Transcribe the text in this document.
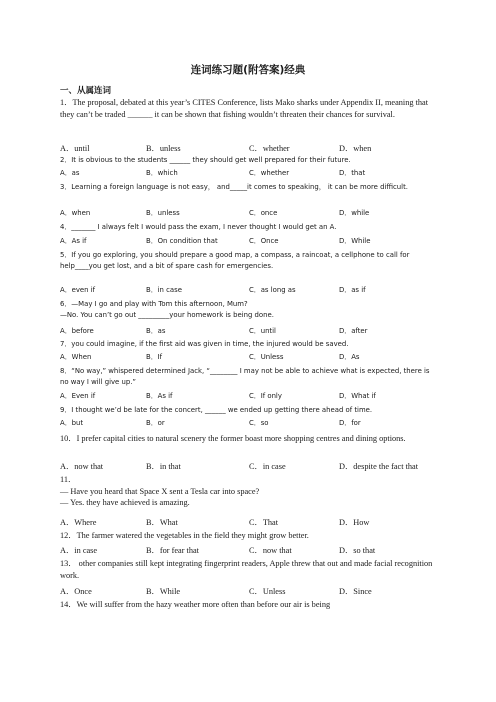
连词练习题(附答案)经典
一、从属连词
1．The proposal, debated at this year’s CITES Conference, lists Mako sharks under Appendix II, meaning that they can’t be traded ______ it can be shown that fishing wouldn’t threaten their chances for survival.
A．until	B．unless	C．whether	D．when
2．It is obvious to the students ______ they should get well prepared for their future.
A．as	B．which	C．whether	D．that
3．Learning a foreign language is not easy， and_____it comes to speaking， it can be more difficult.
A．when	B．unless	C．once	D．while
4．_______ I always felt I would pass the exam, I never thought I would get an A.
A．As if	B．On condition that	C．Once	D．While
5．If you go exploring, you should prepare a good map, a compass, a raincoat, a cellphone to call for help____you get lost, and a bit of spare cash for emergencies.
A．even if	B．in case	C．as long as	D．as if
6．—May I go and play with Tom this afternoon, Mum?
—No. You can’t go out _________your homework is being done.
A．before	B．as	C．until	D．after
7．you could imagine, if the first aid was given in time, the injured would be saved.
A．When	B．If	C．Unless	D．As
8．“No way,” whispered determined Jack, “________ I may not be able to achieve what is expected, there is no way I will give up.”
A．Even if	B．As if	C．If only	D．What if
9．I thought we’d be late for the concert, ______ we ended up getting there ahead of time.
A．but	B．or	C．so	D．for
10．I prefer capital cities to natural scenery the former boast more shopping centres and dining options.
A．now that	B．in that	C．in case	D．despite the fact that
11．
— Have you heard that Space X sent a Tesla car into space?
— Yes. they have achieved is amazing.
A．Where	B．What	C．That	D．How
12．The farmer watered the vegetables in the field they might grow better.
A．in case	B．for fear that	C．now that	D．so that
13． other companies still kept integrating fingerprint readers, Apple threw that out and made facial recognition work.
A．Once	B．While	C．Unless	D．Since
14．We will suffer from the hazy weather more often than before our air is being
